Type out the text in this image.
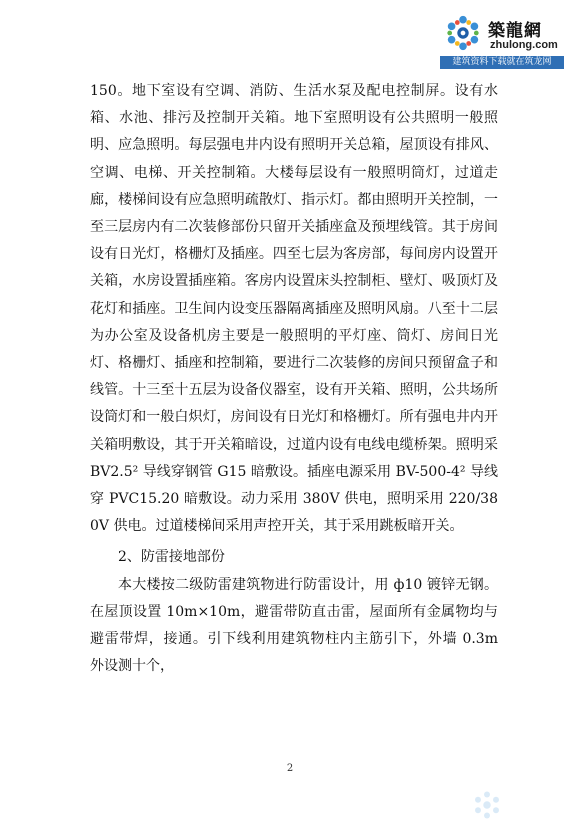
築龍網
zhulong.com
建筑资料下载就在筑龙网

150。地下室设有空调、消防、生活水泵及配电控制屏。设有水箱、水池、排污及控制开关箱。地下室照明设有公共照明一般照明、应急照明。每层强电井内设有照明开关总箱，屋顶设有排风、空调、电梯、开关控制箱。大楼每层设有一般照明筒灯，过道走廊，楼梯间设有应急照明疏散灯、指示灯。都由照明开关控制，一至三层房内有二次装修部份只留开关插座盒及预埋线管。其于房间设有日光灯，格栅灯及插座。四至七层为客房部，每间房内设置开关箱，水房设置插座箱。客房内设置床头控制柜、壁灯、吸顶灯及花灯和插座。卫生间内设变压器隔离插座及照明风扇。八至十二层为办公室及设备机房主要是一般照明的平灯座、筒灯、房间日光灯、格栅灯、插座和控制箱，要进行二次装修的房间只预留盒子和线管。十三至十五层为设备仪器室，设有开关箱、照明，公共场所设筒灯和一般白炽灯，房间设有日光灯和格栅灯。所有强电井内开关箱明敷设，其于开关箱暗设，过道内设有电线电缆桥架。照明采 BV2.5² 导线穿钢管 G15 暗敷设。插座电源采用 BV-500-4² 导线穿 PVC15.20 暗敷设。动力采用 380V 供电，照明采用 220/380V 供电。过道楼梯间采用声控开关，其于采用跳板暗开关。

2、防雷接地部份

本大楼按二级防雷建筑物进行防雷设计，用 ф10 镀锌无钢。在屋顶设置 10m×10m，避雷带防直击雷，屋面所有金属物均与避雷带焊，接通。引下线利用建筑物柱内主筋引下，外墙 0.3m 外设测十个，

2
